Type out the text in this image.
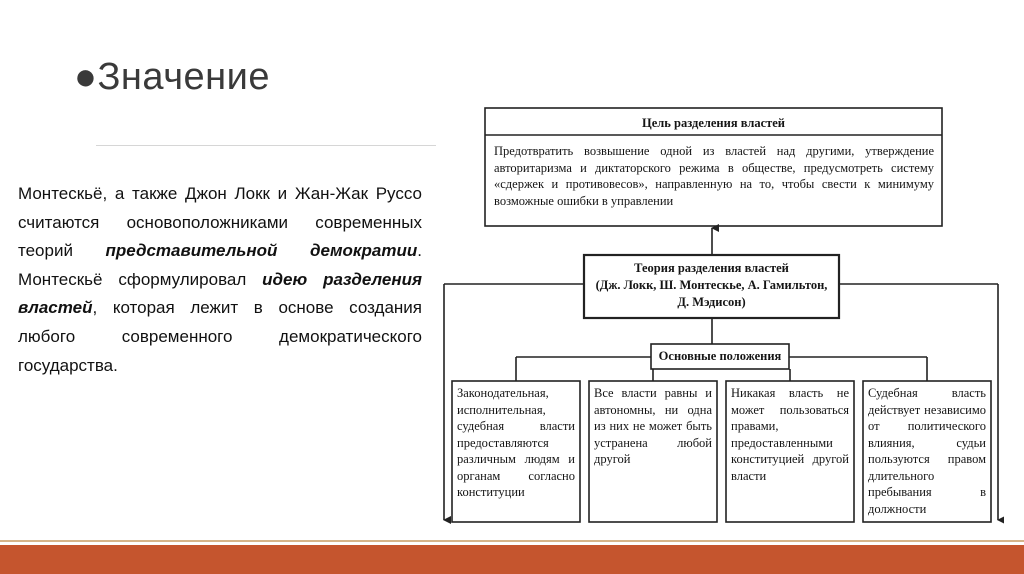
●Значение
Монтескьё, а также Джон Локк и Жан-Жак Руссо считаются основоположниками современных теорий представительной демократии. Монтескьё сформулировал идею разделения властей, которая лежит в основе создания любого современного демократического государства.
Цель разделения властей
Предотвратить возвышение одной из властей над другими, утверждение авторитаризма и диктаторского режима в обществе, предусмотреть систему «сдержек и противовесов», направленную на то, чтобы свести к минимуму возможные ошибки в управлении
Теория разделения властей
(Дж. Локк, Ш. Монтескье, А. Гамильтон, Д. Мэдисон)
Основные положения
Законодательная, исполнительная, судебная власти предоставляются различным людям и органам согласно конституции
Все власти равны и автономны, ни одна из них не может быть устранена любой другой
Никакая власть не может пользоваться правами, предоставленными конституцией другой власти
Судебная власть действует независимо от политического влияния, судьи пользуются правом длительного пребывания в должности
